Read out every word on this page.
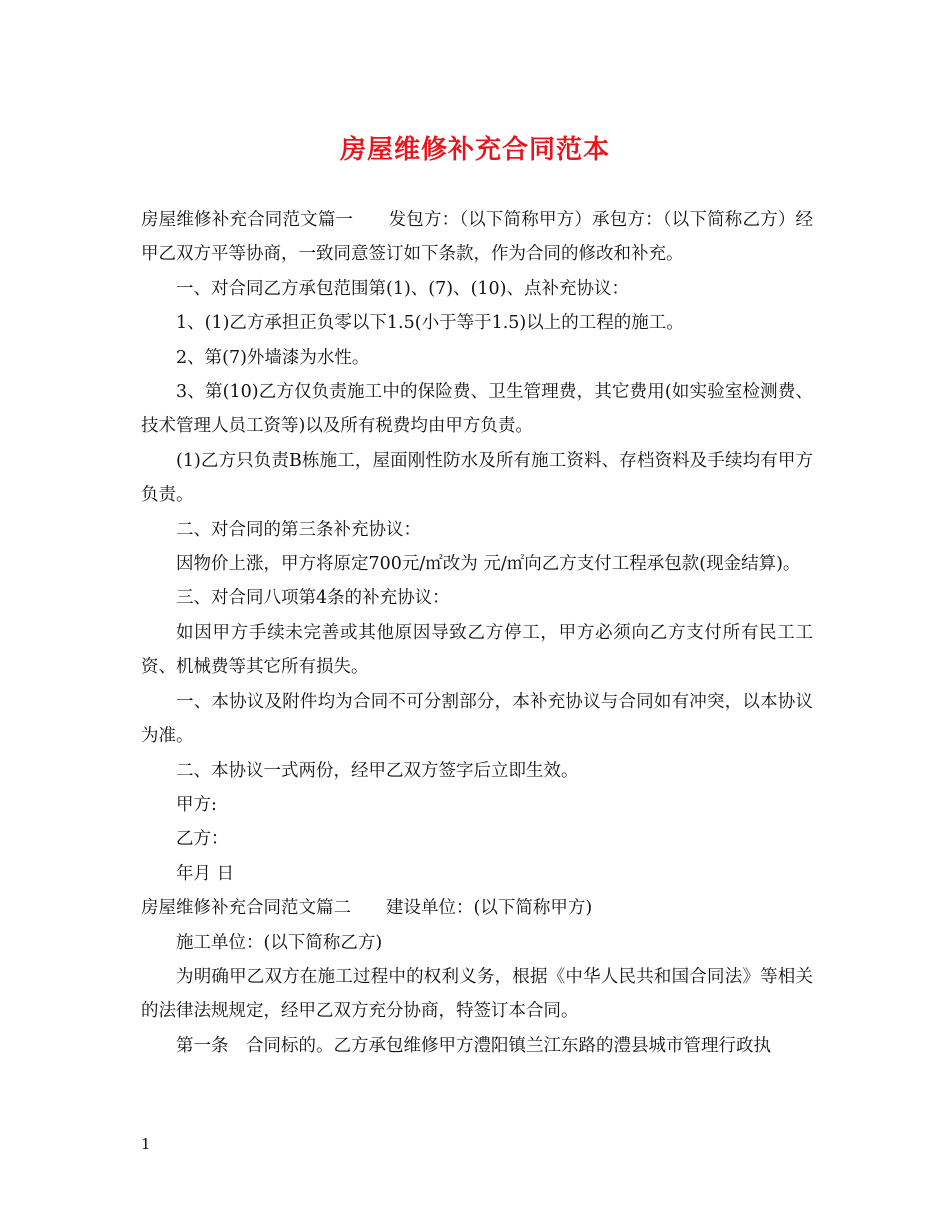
房屋维修补充合同范本

房屋维修补充合同范文篇一　　发包方：（以下简称甲方）承包方：（以下简称乙方）经甲乙双方平等协商，一致同意签订如下条款，作为合同的修改和补充。

一、对合同乙方承包范围第(1)、(7)、(10)、点补充协议：

1、(1)乙方承担正负零以下1.5(小于等于1.5)以上的工程的施工。

2、第(7)外墙漆为水性。

3、第(10)乙方仅负责施工中的保险费、卫生管理费，其它费用(如实验室检测费、技术管理人员工资等)以及所有税费均由甲方负责。

(1)乙方只负责B栋施工，屋面刚性防水及所有施工资料、存档资料及手续均有甲方负责。

二、对合同的第三条补充协议：

因物价上涨，甲方将原定700元/㎡改为 元/㎡向乙方支付工程承包款(现金结算)。

三、对合同八项第4条的补充协议：

如因甲方手续未完善或其他原因导致乙方停工，甲方必须向乙方支付所有民工工资、机械费等其它所有损失。

一、本协议及附件均为合同不可分割部分，本补充协议与合同如有冲突，以本协议为准。

二、本协议一式两份，经甲乙双方签字后立即生效。

甲方:

乙方：

年月 日

房屋维修补充合同范文篇二　　建设单位：(以下简称甲方)

施工单位：(以下简称乙方)

为明确甲乙双方在施工过程中的权利义务，根据《中华人民共和国合同法》等相关的法律法规规定，经甲乙双方充分协商，特签订本合同。

第一条　合同标的。乙方承包维修甲方澧阳镇兰江东路的澧县城市管理行政执

1
